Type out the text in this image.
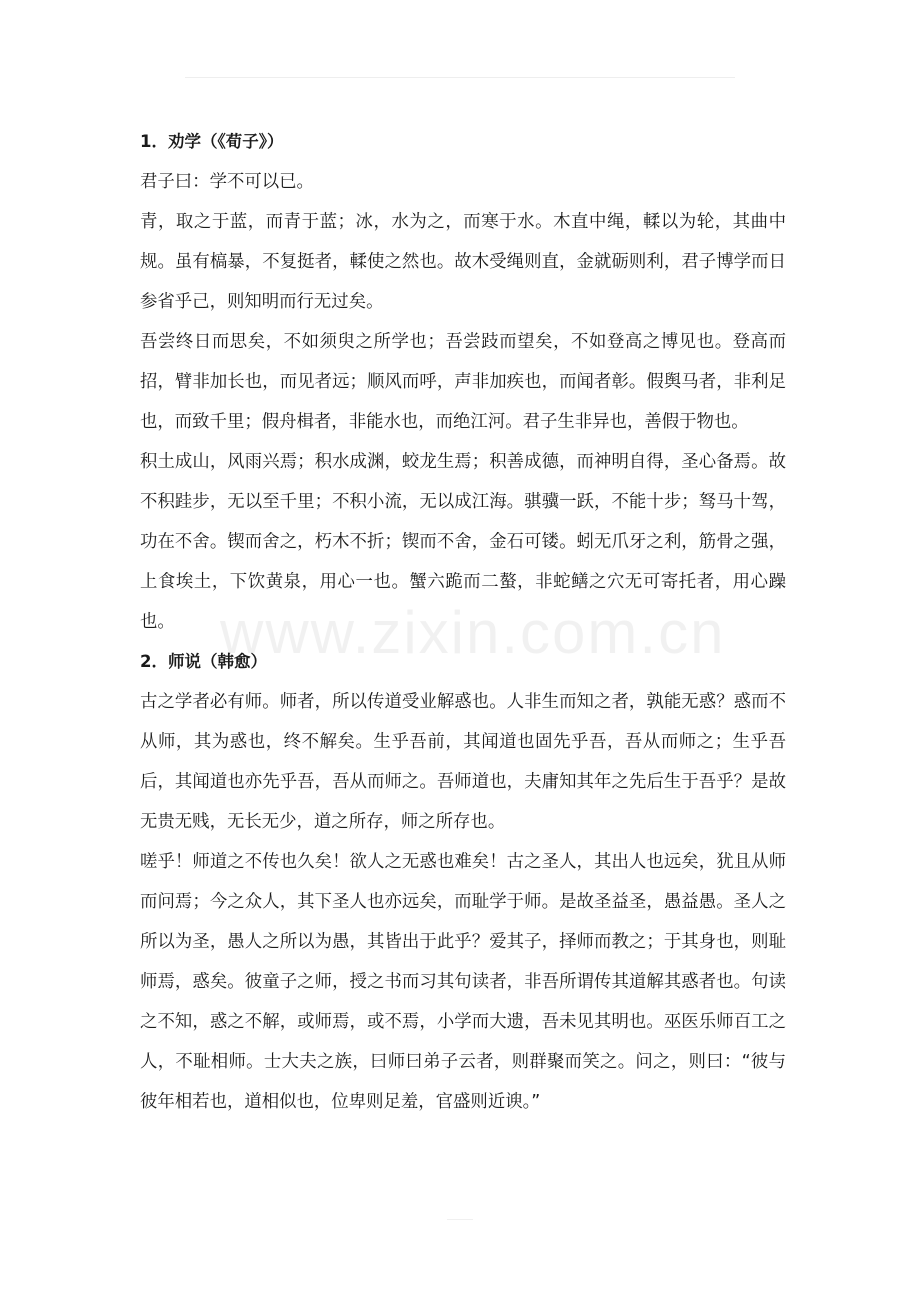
www.zixin.com.cn
1．劝学（《荀子》）

君子曰：学不可以已。

青，取之于蓝，而青于蓝；冰，水为之，而寒于水。木直中绳，輮以为轮，其曲中规。虽有槁暴，不复挺者，輮使之然也。故木受绳则直，金就砺则利，君子博学而日参省乎己，则知明而行无过矣。

吾尝终日而思矣，不如须臾之所学也；吾尝跂而望矣，不如登高之博见也。登高而招，臂非加长也，而见者远；顺风而呼，声非加疾也，而闻者彰。假舆马者，非利足也，而致千里；假舟楫者，非能水也，而绝江河。君子生非异也，善假于物也。

积土成山，风雨兴焉；积水成渊，蛟龙生焉；积善成德，而神明自得，圣心备焉。故不积跬步，无以至千里；不积小流，无以成江海。骐骥一跃，不能十步；驽马十驾，功在不舍。锲而舍之，朽木不折；锲而不舍，金石可镂。蚓无爪牙之利，筋骨之强，上食埃土，下饮黄泉，用心一也。蟹六跪而二螯，非蛇鳝之穴无可寄托者，用心躁也。

2．师说（韩愈）

古之学者必有师。师者，所以传道受业解惑也。人非生而知之者，孰能无惑？惑而不从师，其为惑也，终不解矣。生乎吾前，其闻道也固先乎吾，吾从而师之；生乎吾后，其闻道也亦先乎吾，吾从而师之。吾师道也，夫庸知其年之先后生于吾乎？是故无贵无贱，无长无少，道之所存，师之所存也。

嗟乎！师道之不传也久矣！欲人之无惑也难矣！古之圣人，其出人也远矣，犹且从师而问焉；今之众人，其下圣人也亦远矣，而耻学于师。是故圣益圣，愚益愚。圣人之所以为圣，愚人之所以为愚，其皆出于此乎？爱其子，择师而教之；于其身也，则耻师焉，惑矣。彼童子之师，授之书而习其句读者，非吾所谓传其道解其惑者也。句读之不知，惑之不解，或师焉，或不焉，小学而大遗，吾未见其明也。巫医乐师百工之人，不耻相师。士大夫之族，曰师曰弟子云者，则群聚而笑之。问之，则曰：“彼与彼年相若也，道相似也，位卑则足羞，官盛则近谀。”
